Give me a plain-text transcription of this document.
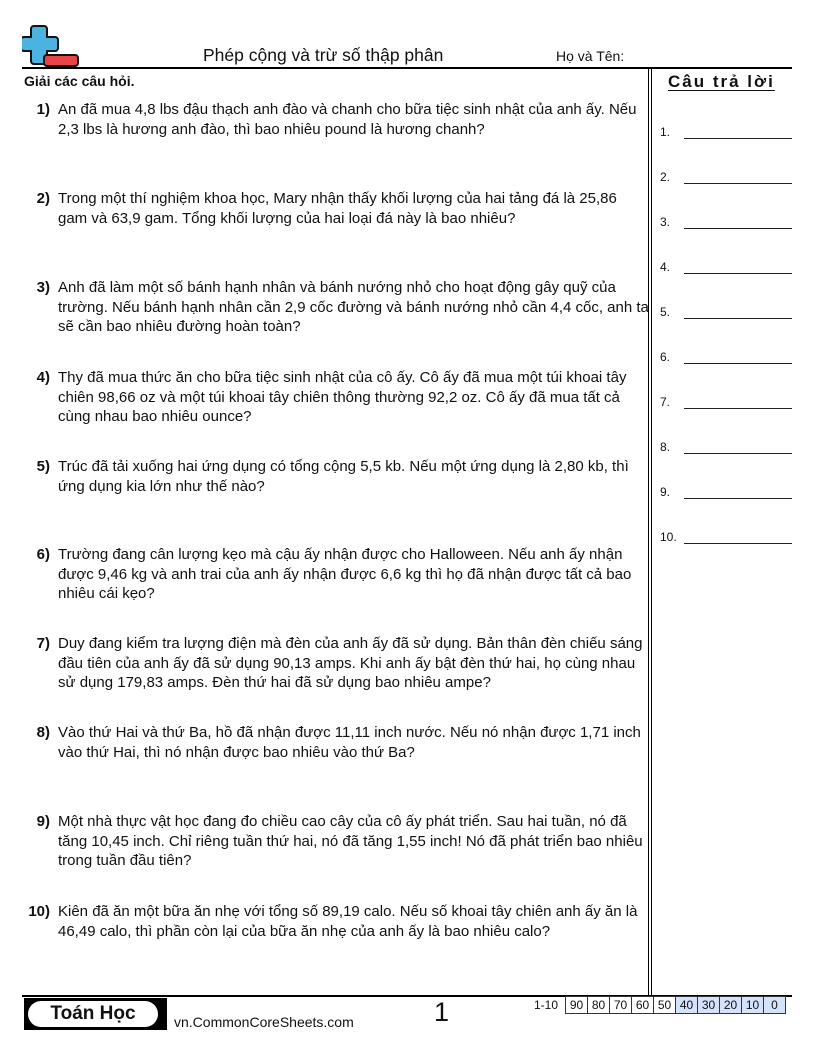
Phép cộng và trừ số thập phân	Họ và Tên:
Giải các câu hỏi.	Câu trả lời
1) An đã mua 4,8 lbs đậu thạch anh đào và chanh cho bữa tiệc sinh nhật của anh ấy. Nếu 2,3 lbs là hương anh đào, thì bao nhiêu pound là hương chanh?
2) Trong một thí nghiệm khoa học, Mary nhận thấy khối lượng của hai tảng đá là 25,86 gam và 63,9 gam. Tổng khối lượng của hai loại đá này là bao nhiêu?
3) Anh đã làm một số bánh hạnh nhân và bánh nướng nhỏ cho hoạt động gây quỹ của trường. Nếu bánh hạnh nhân cần 2,9 cốc đường và bánh nướng nhỏ cần 4,4 cốc, anh ta sẽ cần bao nhiêu đường hoàn toàn?
4) Thy đã mua thức ăn cho bữa tiệc sinh nhật của cô ấy. Cô ấy đã mua một túi khoai tây chiên 98,66 oz và một túi khoai tây chiên thông thường 92,2 oz. Cô ấy đã mua tất cả cùng nhau bao nhiêu ounce?
5) Trúc đã tải xuống hai ứng dụng có tổng cộng 5,5 kb. Nếu một ứng dụng là 2,80 kb, thì ứng dụng kia lớn như thế nào?
6) Trường đang cân lượng kẹo mà cậu ấy nhận được cho Halloween. Nếu anh ấy nhận được 9,46 kg và anh trai của anh ấy nhận được 6,6 kg thì họ đã nhận được tất cả bao nhiêu cái kẹo?
7) Duy đang kiểm tra lượng điện mà đèn của anh ấy đã sử dụng. Bản thân đèn chiếu sáng đầu tiên của anh ấy đã sử dụng 90,13 amps. Khi anh ấy bật đèn thứ hai, họ cùng nhau sử dụng 179,83 amps. Đèn thứ hai đã sử dụng bao nhiêu ampe?
8) Vào thứ Hai và thứ Ba, hồ đã nhận được 11,11 inch nước. Nếu nó nhận được 1,71 inch vào thứ Hai, thì nó nhận được bao nhiêu vào thứ Ba?
9) Một nhà thực vật học đang đo chiều cao cây của cô ấy phát triển. Sau hai tuần, nó đã tăng 10,45 inch. Chỉ riêng tuần thứ hai, nó đã tăng 1,55 inch! Nó đã phát triển bao nhiêu trong tuần đầu tiên?
10) Kiên đã ăn một bữa ăn nhẹ với tổng số 89,19 calo. Nếu số khoai tây chiên anh ấy ăn là 46,49 calo, thì phần còn lại của bữa ăn nhẹ của anh ấy là bao nhiêu calo?
1.
2.
3.
4.
5.
6.
7.
8.
9.
10.
Toán Học	vn.CommonCoreSheets.com	1	1-10 90	80	70	60	50	40	30	20	10	0
